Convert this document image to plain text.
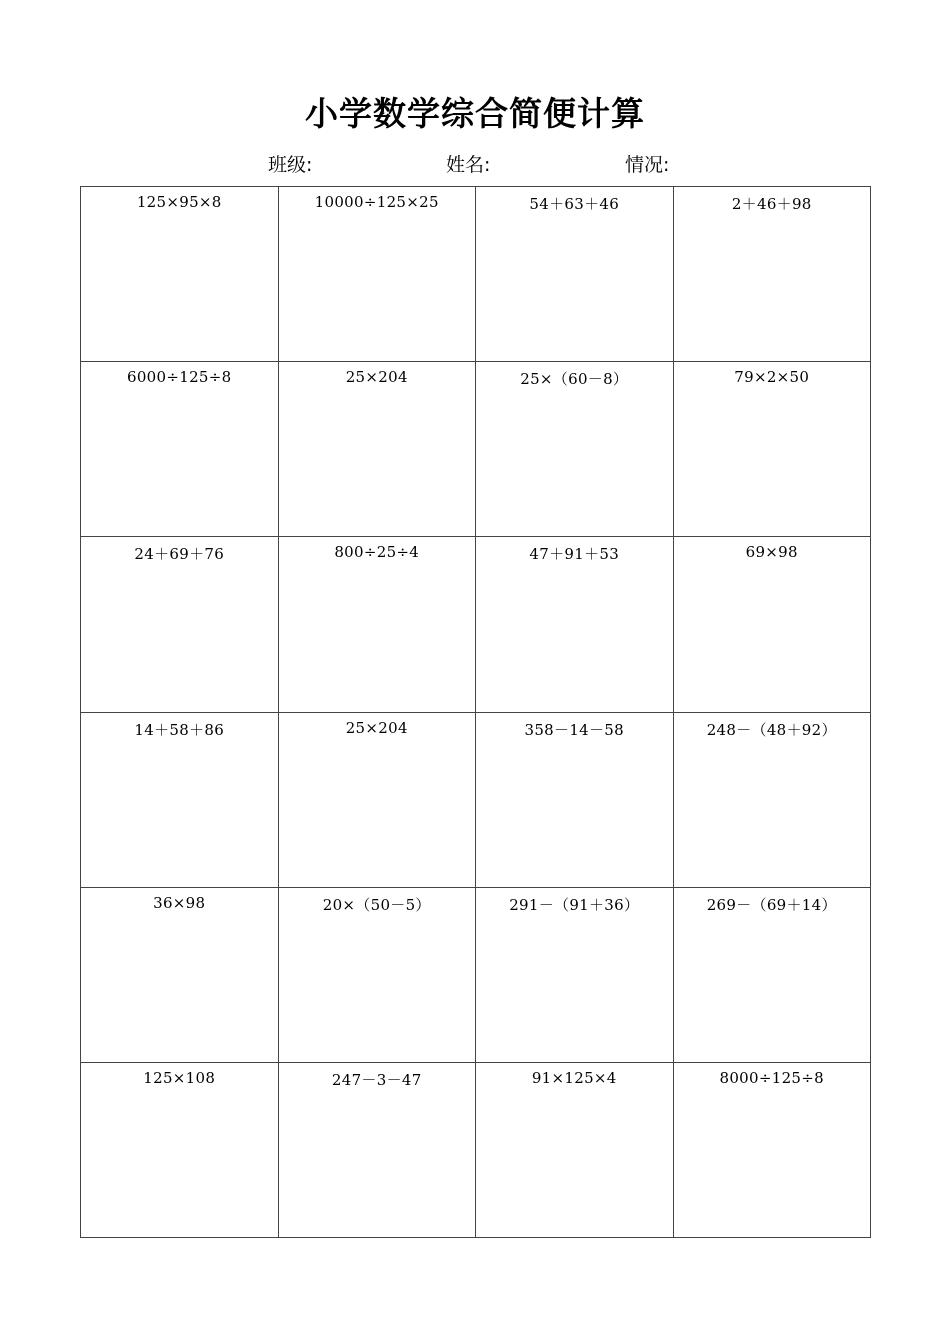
小学数学综合简便计算
班级:	姓名:	情况:
125×95×8	10000÷125×25	54＋63＋46	2＋46＋98
6000÷125÷8	25×204	25×（60－8）	79×2×50
24＋69＋76	800÷25÷4	47＋91＋53	69×98
14＋58＋86	25×204	358－14－58	248－（48＋92）
36×98	20×（50－5）	291－（91＋36）	269－（69＋14）
125×108	247－3－47	91×125×4	8000÷125÷8
